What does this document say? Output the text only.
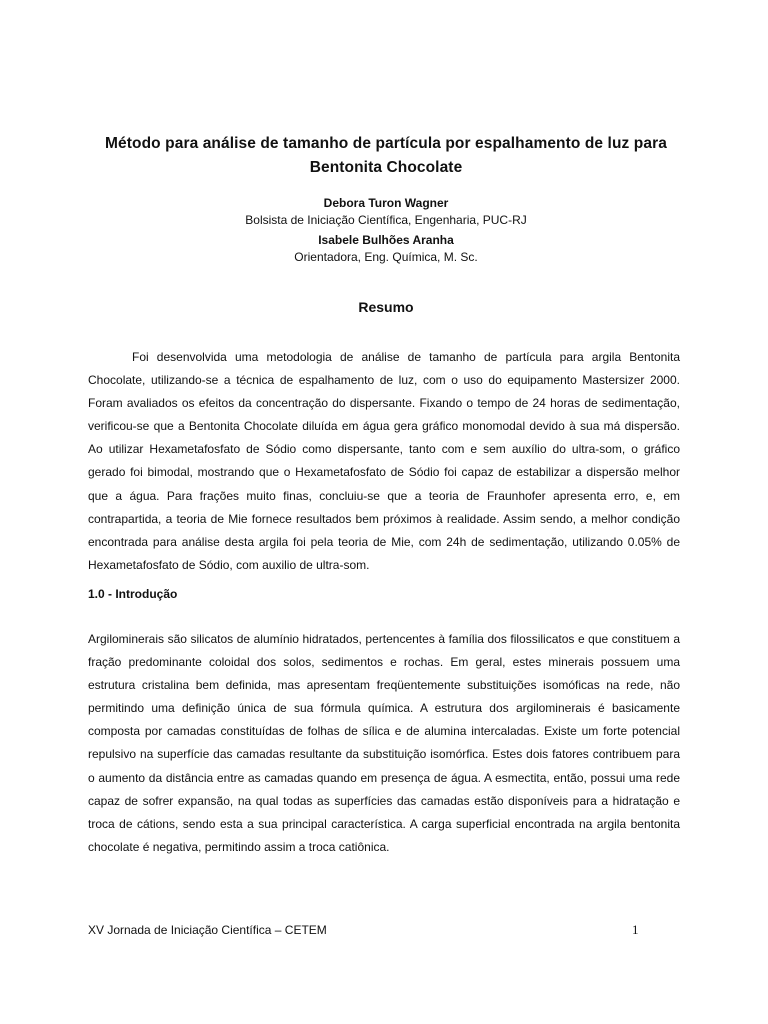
Método para análise de tamanho de partícula por espalhamento de luz para Bentonita Chocolate
Debora Turon Wagner
Bolsista de Iniciação Científica, Engenharia, PUC-RJ
Isabele Bulhões Aranha
Orientadora, Eng. Química, M. Sc.
Resumo

Foi desenvolvida uma metodologia de análise de tamanho de partícula para argila Bentonita Chocolate, utilizando-se a técnica de espalhamento de luz, com o uso do equipamento Mastersizer 2000. Foram avaliados os efeitos da concentração do dispersante. Fixando o tempo de 24 horas de sedimentação, verificou-se que a Bentonita Chocolate diluída em água gera gráfico monomodal devido à sua má dispersão. Ao utilizar Hexametafosfato de Sódio como dispersante, tanto com e sem auxílio do ultra-som, o gráfico gerado foi bimodal, mostrando que o Hexametafosfato de Sódio foi capaz de estabilizar a dispersão melhor que a água. Para frações muito finas, concluiu-se que a teoria de Fraunhofer apresenta erro, e, em contrapartida, a teoria de Mie fornece resultados bem próximos à realidade. Assim sendo, a melhor condição encontrada para análise desta argila foi pela teoria de Mie, com 24h de sedimentação, utilizando 0.05% de Hexametafosfato de Sódio, com auxilio de ultra-som.

1.0 - Introdução

Argilominerais são silicatos de alumínio hidratados, pertencentes à família dos filossilicatos e que constituem a fração predominante coloidal dos solos, sedimentos e rochas. Em geral, estes minerais possuem uma estrutura cristalina bem definida, mas apresentam freqüentemente substituições isomóficas na rede, não permitindo uma definição única de sua fórmula química. A estrutura dos argilominerais é basicamente composta por camadas constituídas de folhas de sílica e de alumina intercaladas. Existe um forte potencial repulsivo na superfície das camadas resultante da substituição isomórfica. Estes dois fatores contribuem para o aumento da distância entre as camadas quando em presença de água. A esmectita, então, possui uma rede capaz de sofrer expansão, na qual todas as superfícies das camadas estão disponíveis para a hidratação e troca de cátions, sendo esta a sua principal característica. A carga superficial encontrada na argila bentonita chocolate é negativa, permitindo assim a troca catiônica.

XV Jornada de Iniciação Científica – CETEM	1
